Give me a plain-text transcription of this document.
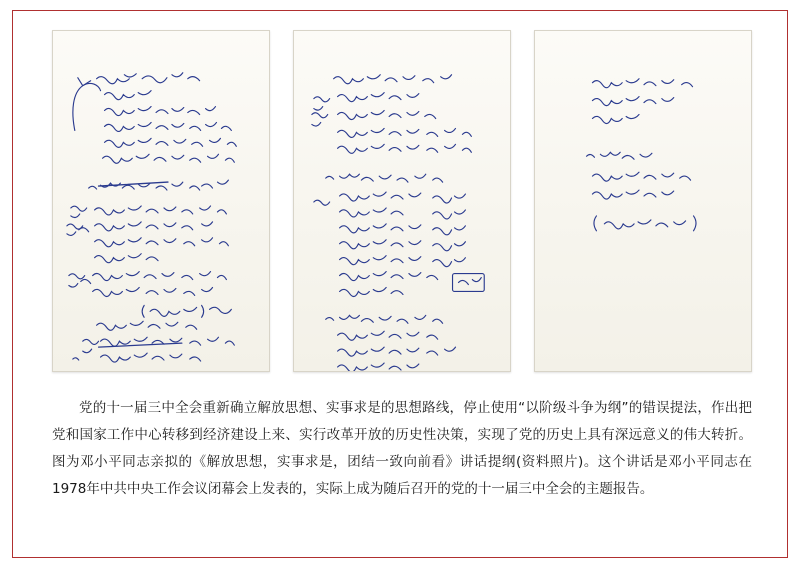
党的十一届三中全会重新确立解放思想、实事求是的思想路线，停止使用“以阶级斗争为纲”的错误提法，作出把党和国家工作中心转移到经济建设上来、实行改革开放的历史性决策，实现了党的历史上具有深远意义的伟大转折。图为邓小平同志亲拟的《解放思想，实事求是，团结一致向前看》讲话提纲(资料照片)。这个讲话是邓小平同志在1978年中共中央工作会议闭幕会上发表的，实际上成为随后召开的党的十一届三中全会的主题报告。
